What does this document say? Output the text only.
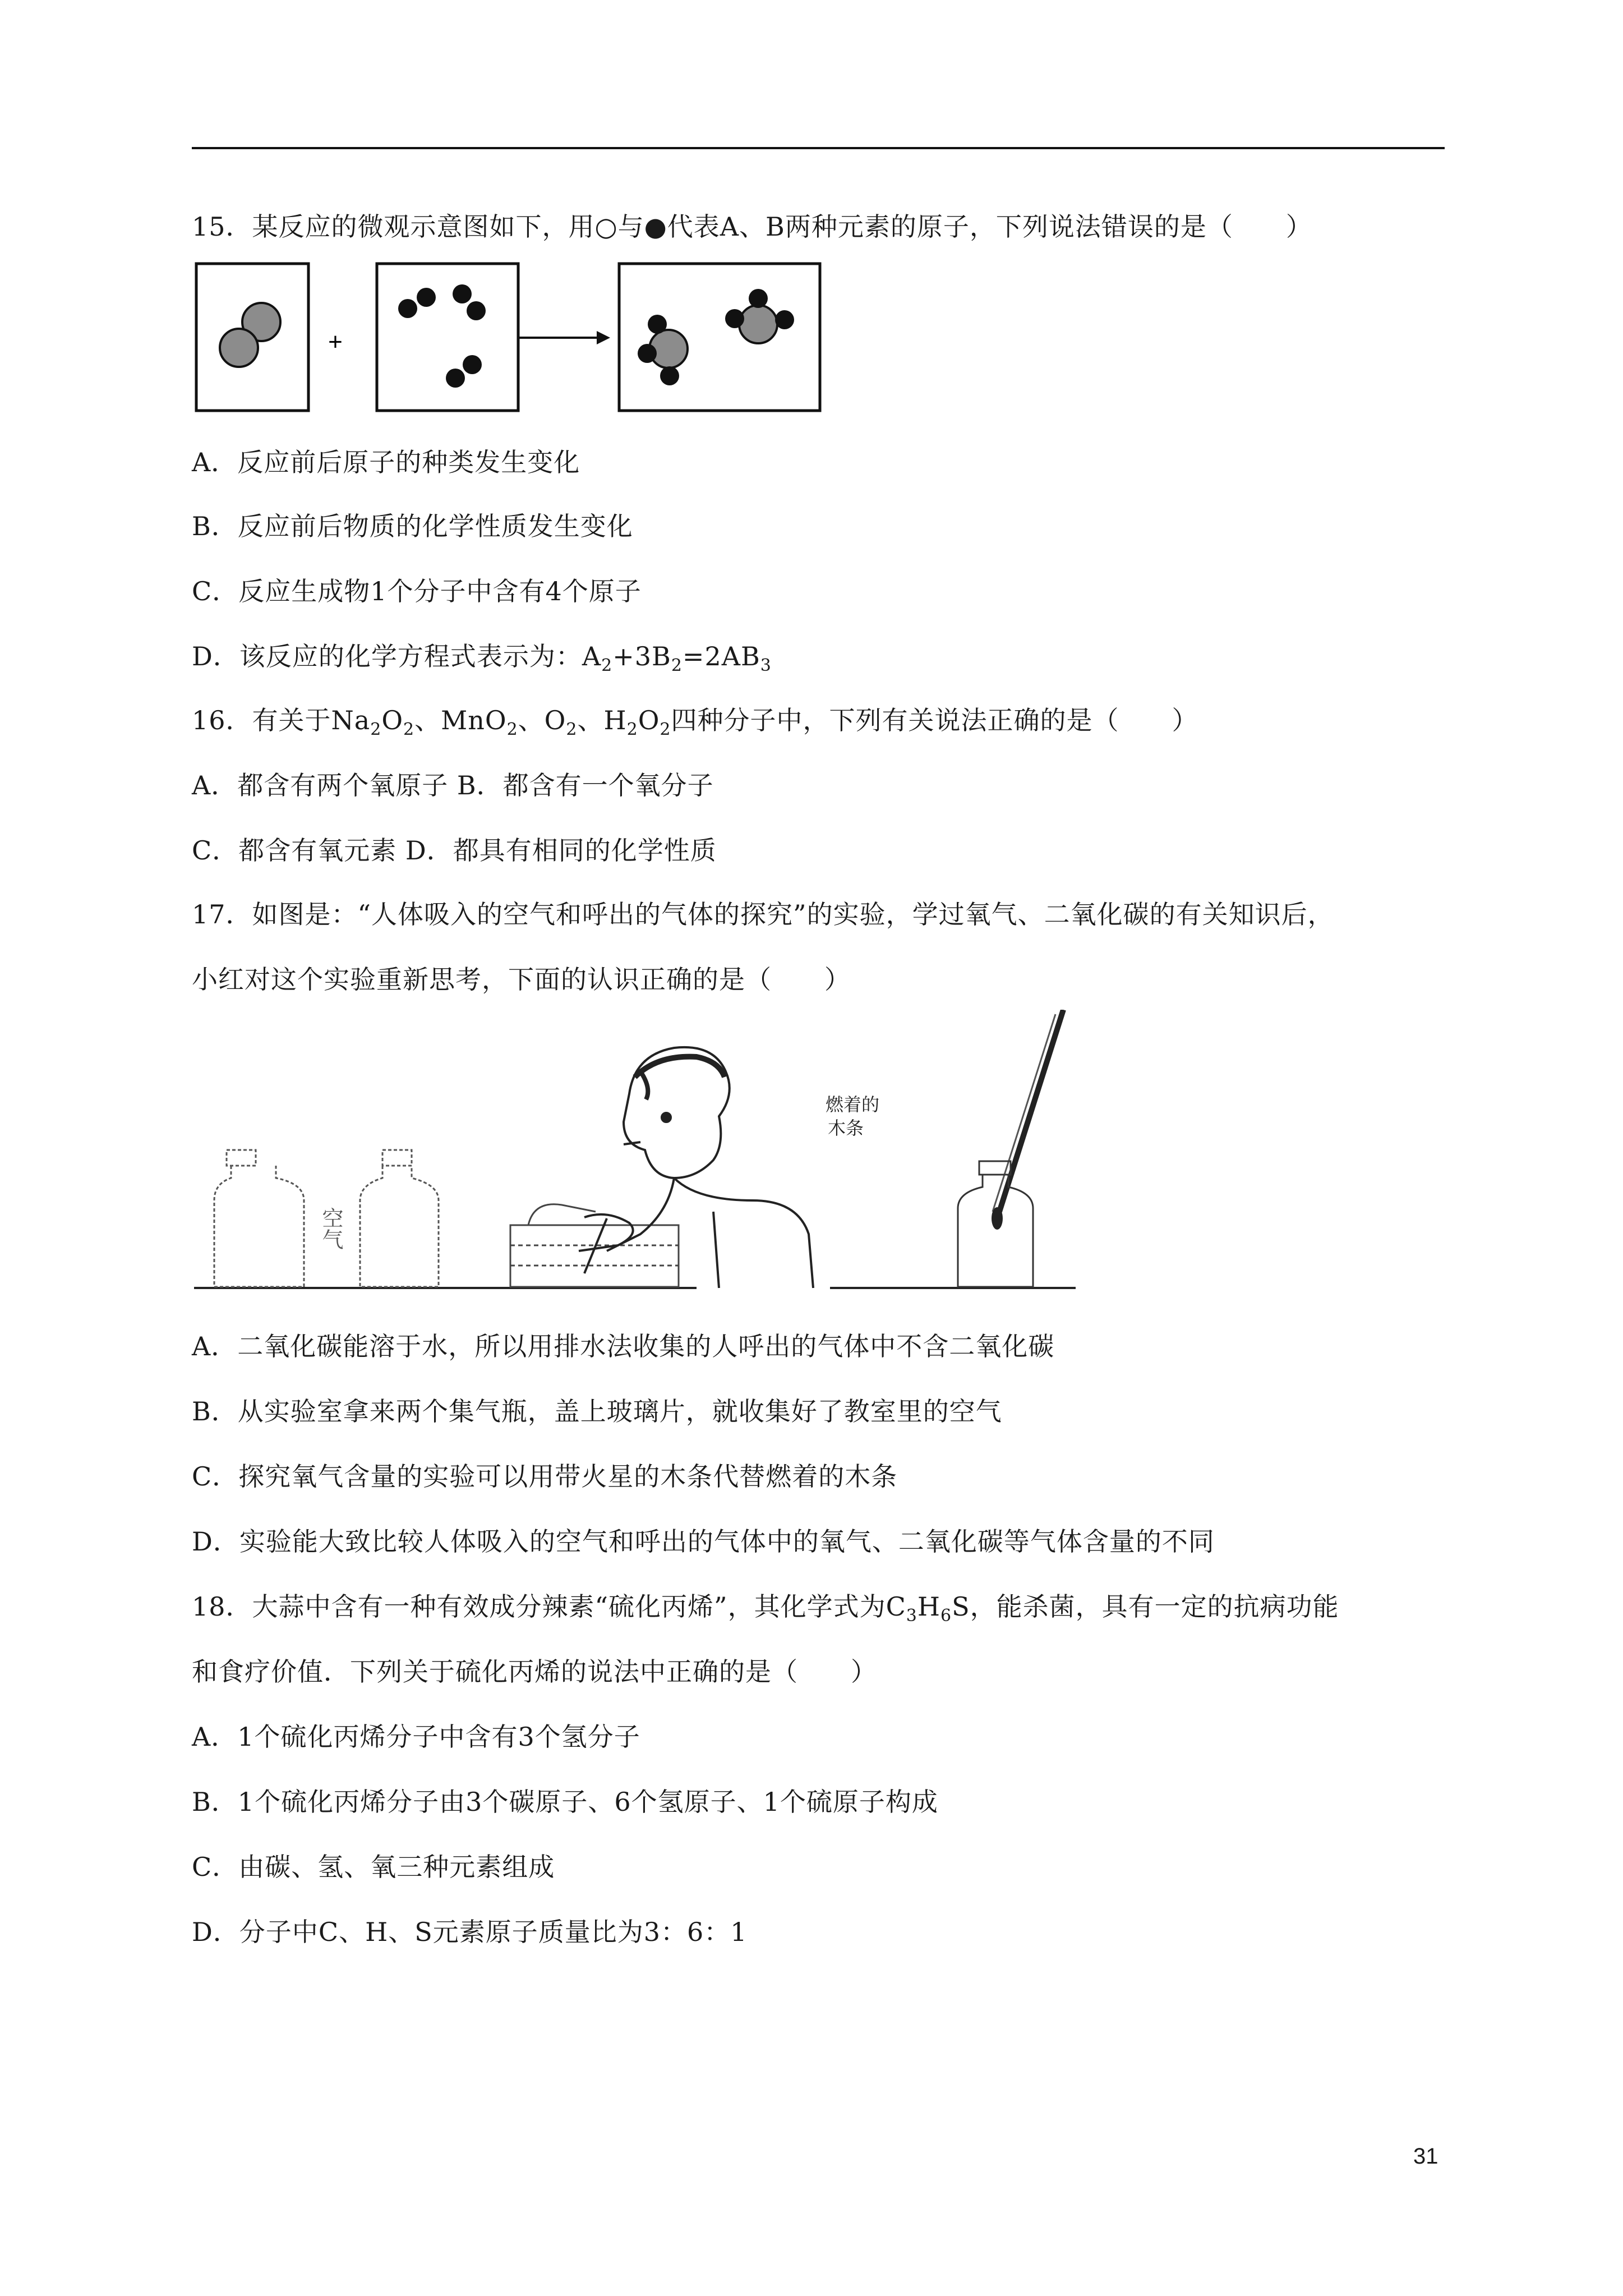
15．某反应的微观示意图如下，用○与●代表A、B两种元素的原子，下列说法错误的是（　　）
+
A．反应前后原子的种类发生变化
B．反应前后物质的化学性质发生变化
C．反应生成物1个分子中含有4个原子
D．该反应的化学方程式表示为：$A_2+3B_2=2AB_3$
16．有关于$Na_2O_2$、MnO$_2$、$O_2$、$H_2O_2$四种分子中，下列有关说法正确的是（　　）
A．都含有两个氧原子 B．都含有一个氧分子
C．都含有氧元素 D．都具有相同的化学性质
17．如图是：“人体吸入的空气和呼出的气体的探究”的实验，学过氧气、二氧化碳的有关知识后，
小红对这个实验重新思考，下面的认识正确的是（　　）
空气
燃着的
木条
A．二氧化碳能溶于水，所以用排水法收集的人呼出的气体中不含二氧化碳
B．从实验室拿来两个集气瓶，盖上玻璃片，就收集好了教室里的空气
C．探究氧气含量的实验可以用带火星的木条代替燃着的木条
D．实验能大致比较人体吸入的空气和呼出的气体中的氧气、二氧化碳等气体含量的不同
18．大蒜中含有一种有效成分辣素“硫化丙烯”，其化学式为$C_3H_6S$，能杀菌，具有一定的抗病功能
和食疗价值．下列关于硫化丙烯的说法中正确的是（　　）
A．1个硫化丙烯分子中含有3个氢分子
B．1个硫化丙烯分子由3个碳原子、6个氢原子、1个硫原子构成
C．由碳、氢、氧三种元素组成
D．分子中C、H、S元素原子质量比为3：6：1
31
